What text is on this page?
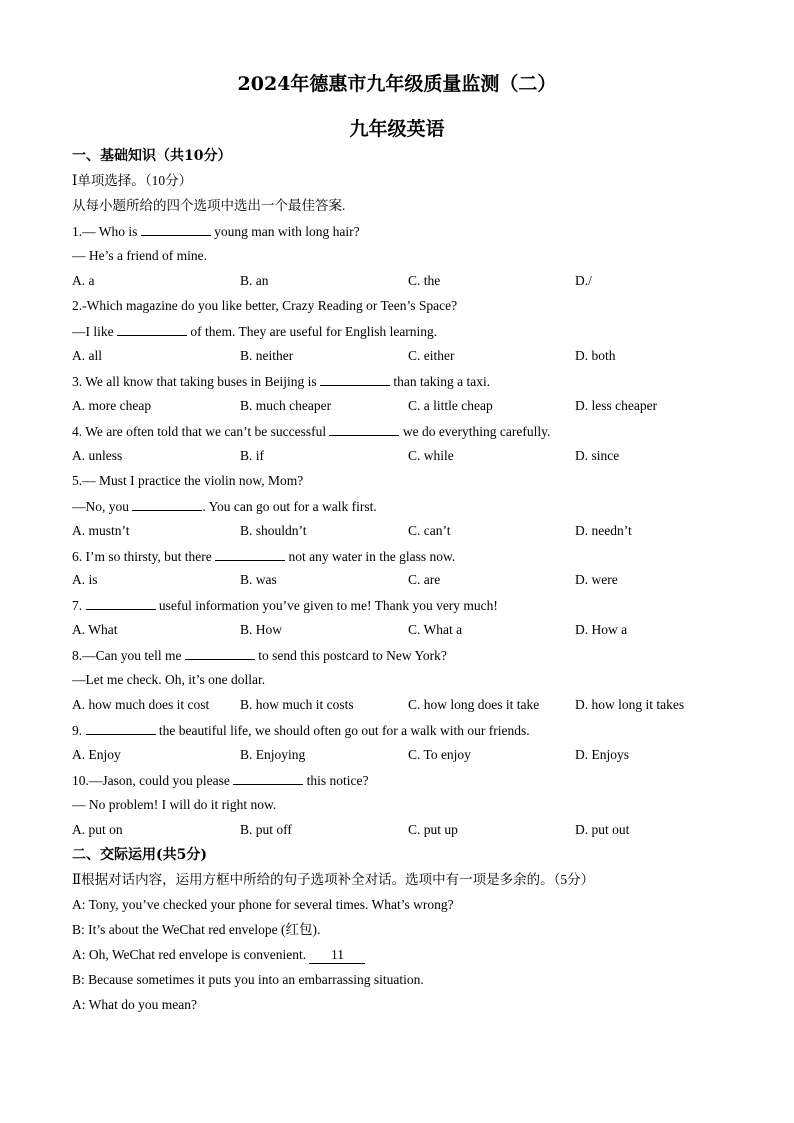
2024年德惠市九年级质量监测（二）
九年级英语
一、基础知识（共10分）
Ⅰ单项选择。（10分）
从每小题所给的四个选项中选出一个最佳答案.
1.— Who is	young man with long hair?
— He’s a friend of mine.
A. a	B. an	C. the	D./
2.-Which magazine do you like better, Crazy Reading or Teen’s Space?
—I like	of them. They are useful for English learning.
A. all	B. neither	C. either	D. both
3. We all know that taking buses in Beijing is	than taking a taxi.
A. more cheap	B. much cheaper	C. a little cheap	D. less cheaper
4. We are often told that we can’t be successful	we do everything carefully.
A. unless	B. if	C. while	D. since
5.— Must I practice the violin now, Mom?
—No, you	. You can go out for a walk first.
A. mustn’t	B. shouldn’t	C. can’t	D. needn’t
6. I’m so thirsty, but there	not any water in the glass now.
A. is	B. was	C. are	D. were
7.	useful information you’ve given to me! Thank you very much!
A. What	B. How	C. What a	D. How a
8.—Can you tell me	to send this postcard to New York?
—Let me check. Oh, it’s one dollar.
A. how much does it cost B. how much it costs	C. how long does it take	D. how long it takes
9.	the beautiful life, we should often go out for a walk with our friends.
A. Enjoy	B. Enjoying	C. To enjoy	D. Enjoys
10.—Jason, could you please	this notice?
— No problem! I will do it right now.
A. put on	B. put off	C. put up	D. put out
二、交际运用(共5分)
Ⅱ根据对话内容，运用方框中所给的句子选项补全对话。选项中有一项是多余的。（5分）
A: Tony, you’ve checked your phone for several times. What’s wrong?
B: It’s about the WeChat red envelope (红包).
A: Oh, WeChat red envelope is convenient. 11
B: Because sometimes it puts you into an embarrassing situation.
A: What do you mean?
